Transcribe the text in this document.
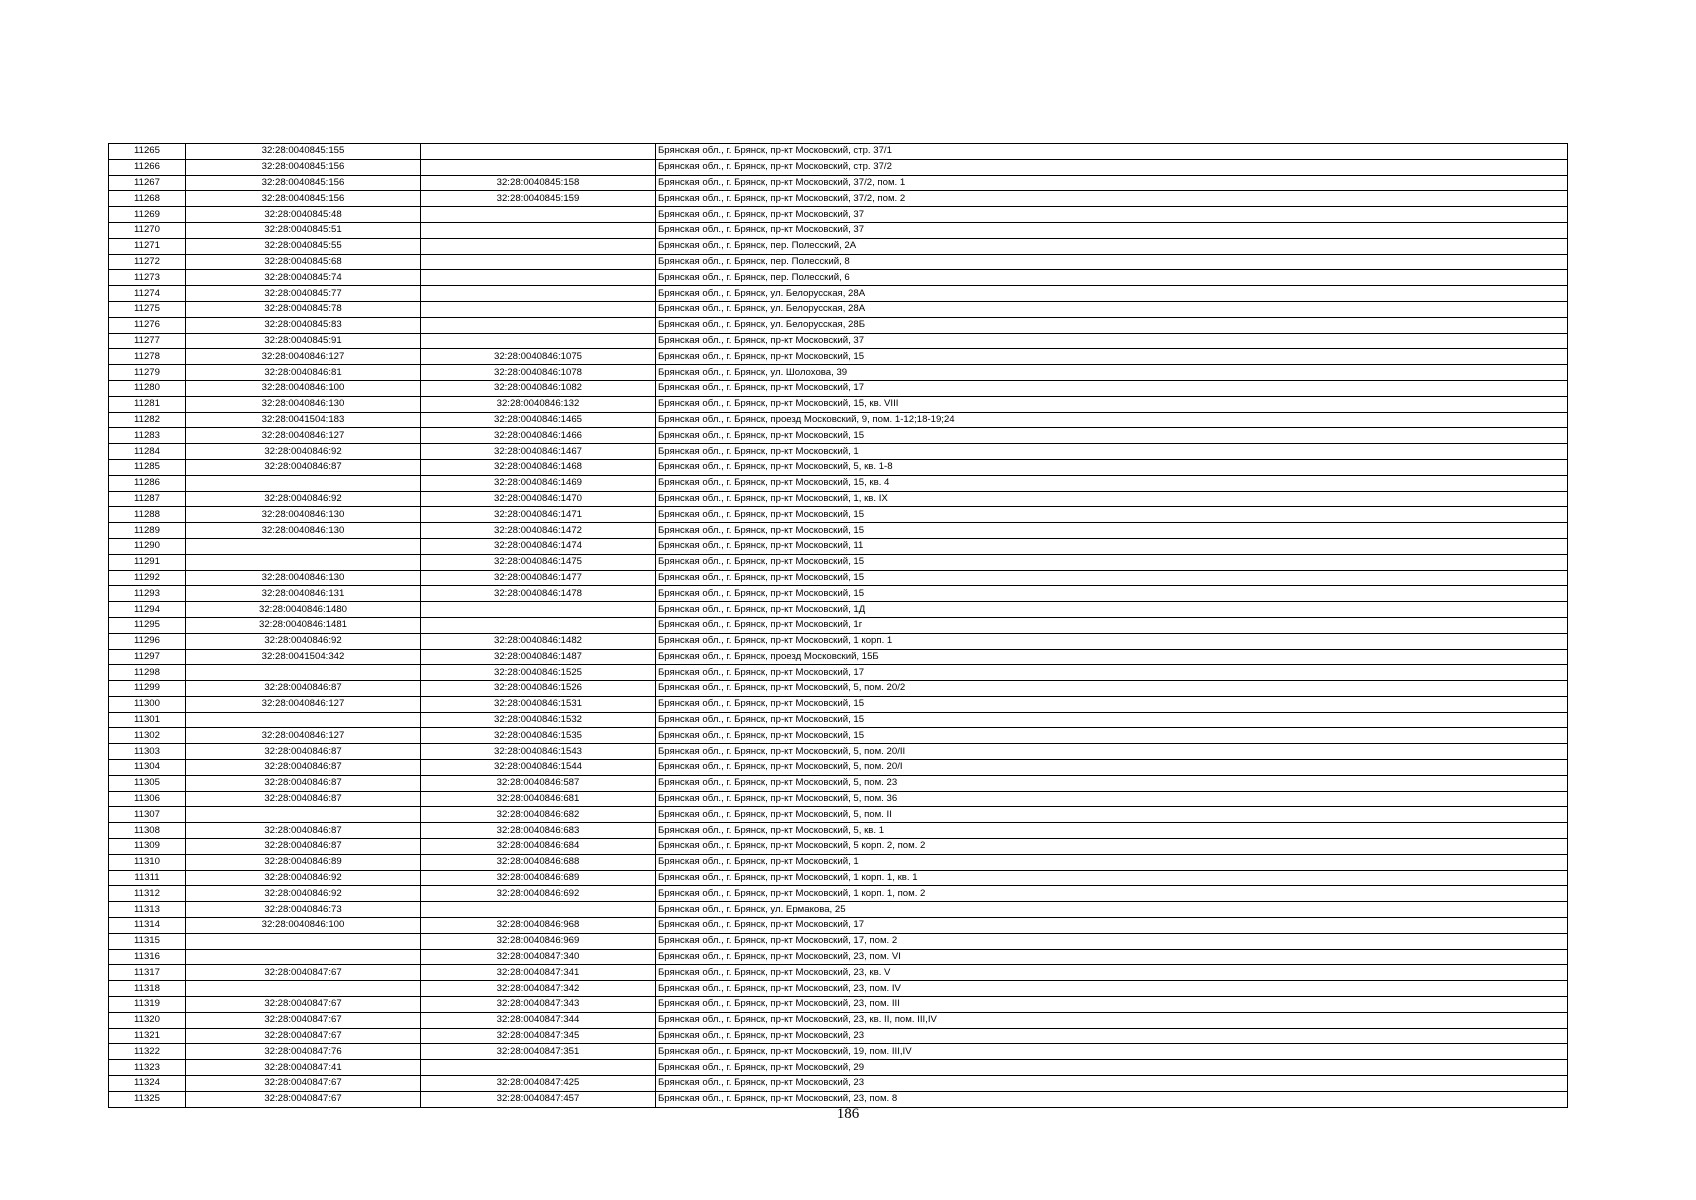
11265	32:28:0040845:155		Брянская обл., г. Брянск, пр-кт Московский, стр. 37/1
11266	32:28:0040845:156		Брянская обл., г. Брянск, пр-кт Московский, стр. 37/2
11267	32:28:0040845:156	32:28:0040845:158	Брянская обл., г. Брянск, пр-кт Московский, 37/2, пом. 1
11268	32:28:0040845:156	32:28:0040845:159	Брянская обл., г. Брянск, пр-кт Московский, 37/2, пом. 2
11269	32:28:0040845:48		Брянская обл., г. Брянск, пр-кт Московский, 37
11270	32:28:0040845:51		Брянская обл., г. Брянск, пр-кт Московский, 37
11271	32:28:0040845:55		Брянская обл., г. Брянск, пер. Полесский, 2А
11272	32:28:0040845:68		Брянская обл., г. Брянск, пер. Полесский, 8
11273	32:28:0040845:74		Брянская обл., г. Брянск, пер. Полесский, 6
11274	32:28:0040845:77		Брянская обл., г. Брянск, ул. Белорусская, 28А
11275	32:28:0040845:78		Брянская обл., г. Брянск, ул. Белорусская, 28А
11276	32:28:0040845:83		Брянская обл., г. Брянск, ул. Белорусская, 28Б
11277	32:28:0040845:91		Брянская обл., г. Брянск, пр-кт Московский, 37
11278	32:28:0040846:127	32:28:0040846:1075	Брянская обл., г. Брянск, пр-кт Московский, 15
11279	32:28:0040846:81	32:28:0040846:1078	Брянская обл., г. Брянск, ул. Шолохова, 39
11280	32:28:0040846:100	32:28:0040846:1082	Брянская обл., г. Брянск, пр-кт Московский, 17
11281	32:28:0040846:130	32:28:0040846:132	Брянская обл., г. Брянск, пр-кт Московский, 15, кв. VIII
11282	32:28:0041504:183	32:28:0040846:1465	Брянская обл., г. Брянск, проезд Московский, 9, пом. 1-12;18-19;24
11283	32:28:0040846:127	32:28:0040846:1466	Брянская обл., г. Брянск, пр-кт Московский, 15
11284	32:28:0040846:92	32:28:0040846:1467	Брянская обл., г. Брянск, пр-кт Московский, 1
11285	32:28:0040846:87	32:28:0040846:1468	Брянская обл., г. Брянск, пр-кт Московский, 5, кв. 1-8
11286		32:28:0040846:1469	Брянская обл., г. Брянск, пр-кт Московский, 15, кв. 4
11287	32:28:0040846:92	32:28:0040846:1470	Брянская обл., г. Брянск, пр-кт Московский, 1, кв. IX
11288	32:28:0040846:130	32:28:0040846:1471	Брянская обл., г. Брянск, пр-кт Московский, 15
11289	32:28:0040846:130	32:28:0040846:1472	Брянская обл., г. Брянск, пр-кт Московский, 15
11290		32:28:0040846:1474	Брянская обл., г. Брянск, пр-кт Московский, 11
11291		32:28:0040846:1475	Брянская обл., г. Брянск, пр-кт Московский, 15
11292	32:28:0040846:130	32:28:0040846:1477	Брянская обл., г. Брянск, пр-кт Московский, 15
11293	32:28:0040846:131	32:28:0040846:1478	Брянская обл., г. Брянск, пр-кт Московский, 15
11294	32:28:0040846:1480		Брянская обл., г. Брянск, пр-кт Московский, 1Д
11295	32:28:0040846:1481		Брянская обл., г. Брянск, пр-кт Московский, 1г
11296	32:28:0040846:92	32:28:0040846:1482	Брянская обл., г. Брянск, пр-кт Московский, 1 корп. 1
11297	32:28:0041504:342	32:28:0040846:1487	Брянская обл., г. Брянск, проезд Московский, 15Б
11298		32:28:0040846:1525	Брянская обл., г. Брянск, пр-кт Московский, 17
11299	32:28:0040846:87	32:28:0040846:1526	Брянская обл., г. Брянск, пр-кт Московский, 5, пом. 20/2
11300	32:28:0040846:127	32:28:0040846:1531	Брянская обл., г. Брянск, пр-кт Московский, 15
11301		32:28:0040846:1532	Брянская обл., г. Брянск, пр-кт Московский, 15
11302	32:28:0040846:127	32:28:0040846:1535	Брянская обл., г. Брянск, пр-кт Московский, 15
11303	32:28:0040846:87	32:28:0040846:1543	Брянская обл., г. Брянск, пр-кт Московский, 5, пом. 20/II
11304	32:28:0040846:87	32:28:0040846:1544	Брянская обл., г. Брянск, пр-кт Московский, 5, пом. 20/I
11305	32:28:0040846:87	32:28:0040846:587	Брянская обл., г. Брянск, пр-кт Московский, 5, пом. 23
11306	32:28:0040846:87	32:28:0040846:681	Брянская обл., г. Брянск, пр-кт Московский, 5, пом. 36
11307		32:28:0040846:682	Брянская обл., г. Брянск, пр-кт Московский, 5, пом. II
11308	32:28:0040846:87	32:28:0040846:683	Брянская обл., г. Брянск, пр-кт Московский, 5, кв. 1
11309	32:28:0040846:87	32:28:0040846:684	Брянская обл., г. Брянск, пр-кт Московский, 5 корп. 2, пом. 2
11310	32:28:0040846:89	32:28:0040846:688	Брянская обл., г. Брянск, пр-кт Московский, 1
11311	32:28:0040846:92	32:28:0040846:689	Брянская обл., г. Брянск, пр-кт Московский, 1 корп. 1, кв. 1
11312	32:28:0040846:92	32:28:0040846:692	Брянская обл., г. Брянск, пр-кт Московский, 1 корп. 1, пом. 2
11313	32:28:0040846:73		Брянская обл., г. Брянск, ул. Ермакова, 25
11314	32:28:0040846:100	32:28:0040846:968	Брянская обл., г. Брянск, пр-кт Московский, 17
11315		32:28:0040846:969	Брянская обл., г. Брянск, пр-кт Московский, 17, пом. 2
11316		32:28:0040847:340	Брянская обл., г. Брянск, пр-кт Московский, 23, пом. VI
11317	32:28:0040847:67	32:28:0040847:341	Брянская обл., г. Брянск, пр-кт Московский, 23, кв. V
11318		32:28:0040847:342	Брянская обл., г. Брянск, пр-кт Московский, 23, пом. IV
11319	32:28:0040847:67	32:28:0040847:343	Брянская обл., г. Брянск, пр-кт Московский, 23, пом. III
11320	32:28:0040847:67	32:28:0040847:344	Брянская обл., г. Брянск, пр-кт Московский, 23, кв. II, пом. III,IV
11321	32:28:0040847:67	32:28:0040847:345	Брянская обл., г. Брянск, пр-кт Московский, 23
11322	32:28:0040847:76	32:28:0040847:351	Брянская обл., г. Брянск, пр-кт Московский, 19, пом. III,IV
11323	32:28:0040847:41		Брянская обл., г. Брянск, пр-кт Московский, 29
11324	32:28:0040847:67	32:28:0040847:425	Брянская обл., г. Брянск, пр-кт Московский, 23
11325	32:28:0040847:67	32:28:0040847:457	Брянская обл., г. Брянск, пр-кт Московский, 23, пом. 8
186
